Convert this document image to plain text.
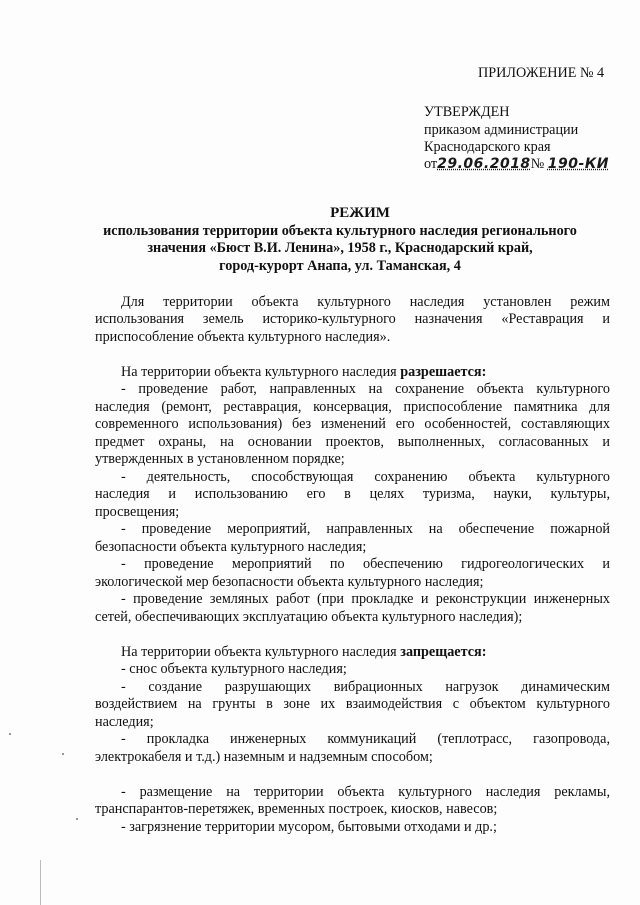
ПРИЛОЖЕНИЕ № 4
УТВЕРЖДЕН
приказом администрации
Краснодарского края
от29.06.2018№ 190-КИ
РЕЖИМ
использования территории объекта культурного наследия регионального
значения «Бюст В.И. Ленина», 1958 г., Краснодарский край,
город-курорт Анапа, ул. Таманская, 4
Для территории объекта культурного наследия установлен режим
использования земель историко-культурного назначения «Реставрация и
приспособление объекта культурного наследия».
На территории объекта культурного наследия разрешается:
- проведение работ, направленных на сохранение объекта культурного
наследия (ремонт, реставрация, консервация, приспособление памятника для
современного использования) без изменений его особенностей, составляющих
предмет охраны, на основании проектов, выполненных, согласованных и
утвержденных в установленном порядке;
- деятельность, способствующая сохранению объекта культурного
наследия и использованию его в целях туризма, науки, культуры,
просвещения;
- проведение мероприятий, направленных на обеспечение пожарной
безопасности объекта культурного наследия;
- проведение мероприятий по обеспечению гидрогеологических и
экологической мер безопасности объекта культурного наследия;
- проведение земляных работ (при прокладке и реконструкции инженерных
сетей, обеспечивающих эксплуатацию объекта культурного наследия);
На территории объекта культурного наследия запрещается:
- снос объекта культурного наследия;
- создание разрушающих вибрационных нагрузок динамическим
воздействием на грунты в зоне их взаимодействия с объектом культурного
наследия;
- прокладка инженерных коммуникаций (теплотрасс, газопровода,
электрокабеля и т.д.) наземным и надземным способом;
- размещение на территории объекта культурного наследия рекламы,
транспарантов-перетяжек, временных построек, киосков, навесов;
- загрязнение территории мусором, бытовыми отходами и др.;
